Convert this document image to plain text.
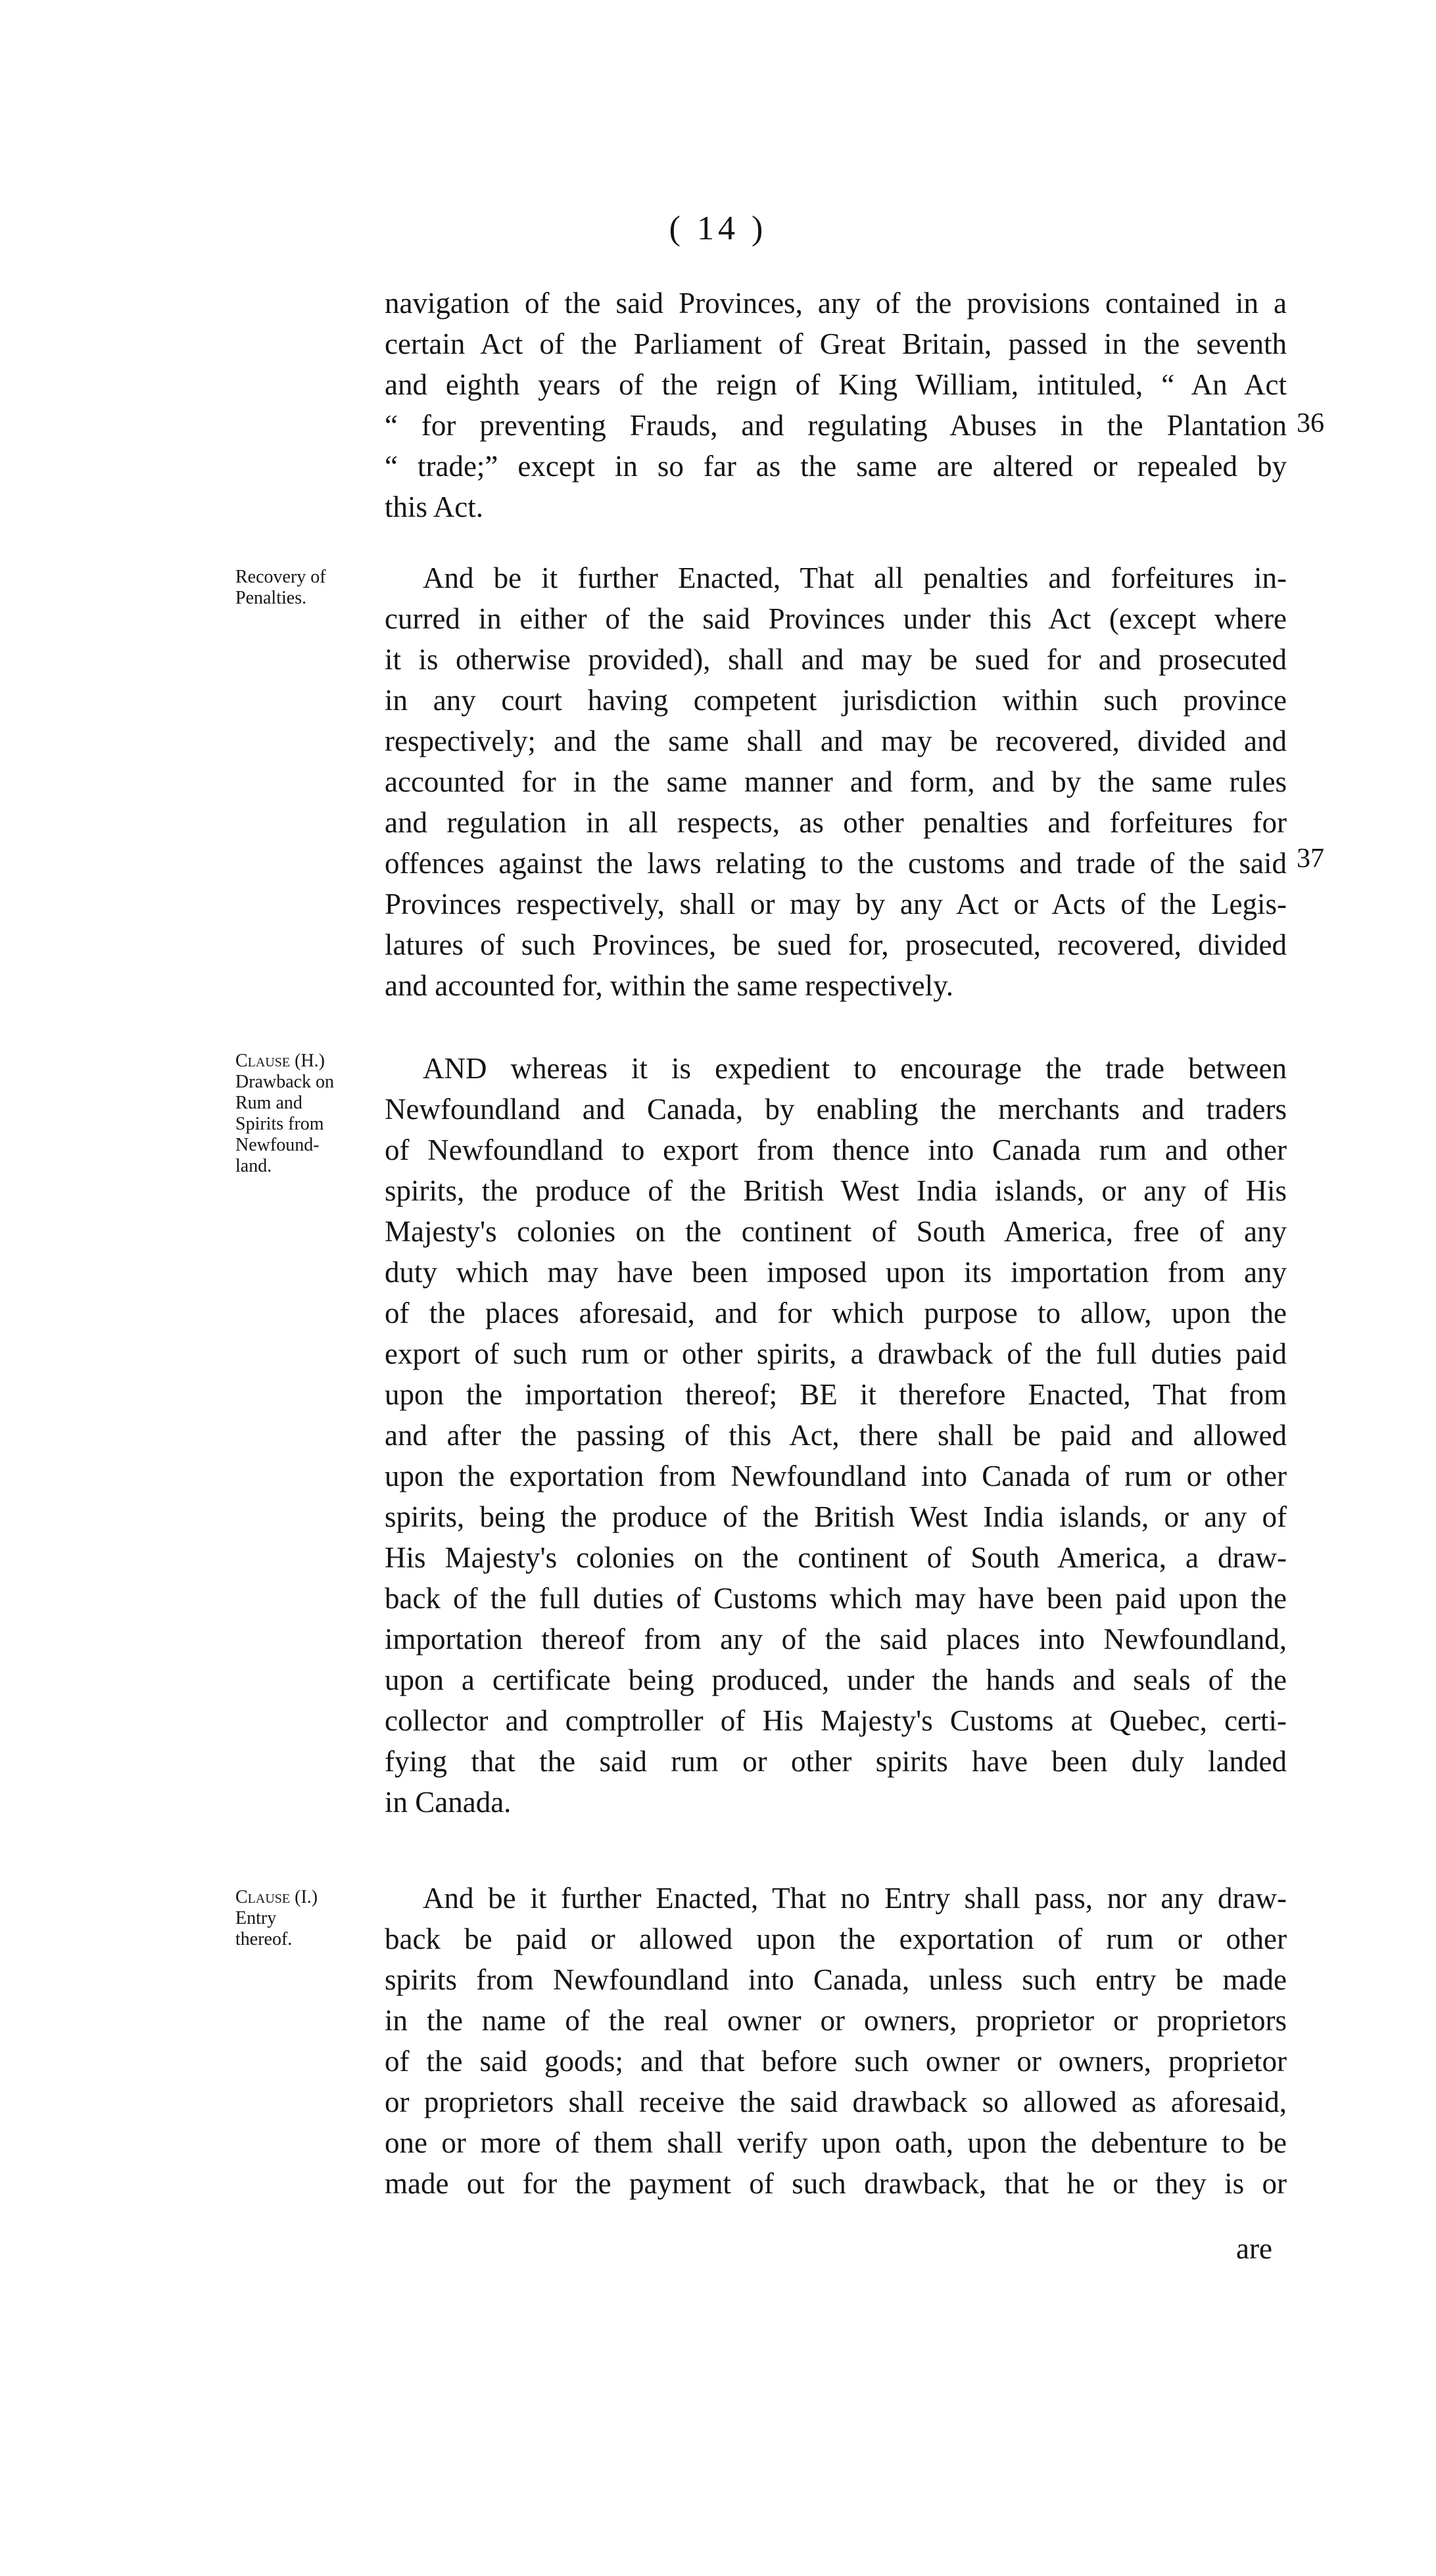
( 14 )
navigation of the said Provinces, any of the provisions contained in a
certain Act of the Parliament of Great Britain, passed in the seventh
and eighth years of the reign of King William, intituled, “ An Act
“ for preventing Frauds, and regulating Abuses in the Plantation
“ trade;” except in so far as the same are altered or repealed by
this Act.
36
Recovery of
Penalties.
And be it further Enacted, That all penalties and forfeitures in-
curred in either of the said Provinces under this Act (except where
it is otherwise provided), shall and may be sued for and prosecuted
in any court having competent jurisdiction within such province
respectively; and the same shall and may be recovered, divided and
accounted for in the same manner and form, and by the same rules
and regulation in all respects, as other penalties and forfeitures for
offences against the laws relating to the customs and trade of the said
Provinces respectively, shall or may by any Act or Acts of the Legis-
latures of such Provinces, be sued for, prosecuted, recovered, divided
and accounted for, within the same respectively.
37
Clause (H.)
Drawback on
Rum and
Spirits from
Newfound-
land.
AND whereas it is expedient to encourage the trade between
Newfoundland and Canada, by enabling the merchants and traders
of Newfoundland to export from thence into Canada rum and other
spirits, the produce of the British West India islands, or any of His
Majesty's colonies on the continent of South America, free of any
duty which may have been imposed upon its importation from any
of the places aforesaid, and for which purpose to allow, upon the
export of such rum or other spirits, a drawback of the full duties paid
upon the importation thereof; BE it therefore Enacted, That from
and after the passing of this Act, there shall be paid and allowed
upon the exportation from Newfoundland into Canada of rum or other
spirits, being the produce of the British West India islands, or any of
His Majesty's colonies on the continent of South America, a draw-
back of the full duties of Customs which may have been paid upon the
importation thereof from any of the said places into Newfoundland,
upon a certificate being produced, under the hands and seals of the
collector and comptroller of His Majesty's Customs at Quebec, certi-
fying that the said rum or other spirits have been duly landed
in Canada.
Clause (I.)
Entry
thereof.
And be it further Enacted, That no Entry shall pass, nor any draw-
back be paid or allowed upon the exportation of rum or other
spirits from Newfoundland into Canada, unless such entry be made
in the name of the real owner or owners, proprietor or proprietors
of the said goods; and that before such owner or owners, proprietor
or proprietors shall receive the said drawback so allowed as aforesaid,
one or more of them shall verify upon oath, upon the debenture to be
made out for the payment of such drawback, that he or they is or
are
